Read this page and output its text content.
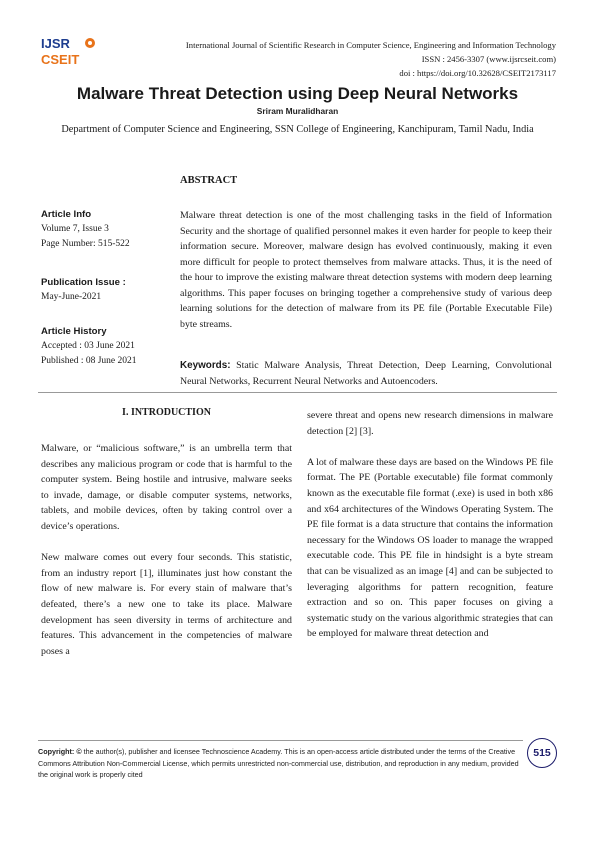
IJSR
CSEIT
International Journal of Scientific Research in Computer Science, Engineering and Information Technology
ISSN : 2456-3307 (www.ijsrcseit.com)
doi : https://doi.org/10.32628/CSEIT2173117
Malware Threat Detection using Deep Neural Networks
Sriram Muralidharan
Department of Computer Science and Engineering, SSN College of Engineering, Kanchipuram, Tamil Nadu, India
ABSTRACT
Article Info
Volume 7, Issue 3
Page Number: 515-522
Publication Issue :
May-June-2021
Article History
Accepted : 03 June 2021
Published : 08 June 2021

Malware threat detection is one of the most challenging tasks in the field of Information Security and the shortage of qualified personnel makes it even harder for people to keep their information secure. Moreover, malware design has evolved continuously, making it even more difficult for people to protect themselves from malware attacks. Thus, it is the need of the hour to improve the existing malware threat detection systems with modern deep learning algorithms. This paper focuses on bringing together a comprehensive study of various deep learning solutions for the detection of malware from its PE file (Portable Executable File) byte streams.

Keywords: Static Malware Analysis, Threat Detection, Deep Learning, Convolutional Neural Networks, Recurrent Neural Networks and Autoencoders.

I. INTRODUCTION

Malware, or “malicious software,” is an umbrella term that describes any malicious program or code that is harmful to the computer system. Being hostile and intrusive, malware seeks to invade, damage, or disable computer systems, networks, tablets, and mobile devices, often by taking control over a device’s operations.

New malware comes out every four seconds. This statistic, from an industry report [1], illuminates just how constant the flow of new malware is. For every stain of malware that’s defeated, there’s a new one to take its place. Malware development has seen diversity in terms of architecture and features. This advancement in the competencies of malware poses a

severe threat and opens new research dimensions in malware detection [2] [3].

A lot of malware these days are based on the Windows PE file format. The PE (Portable executable) file format commonly known as the executable file format (.exe) is used in both x86 and x64 architectures of the Windows Operating System. The PE file format is a data structure that contains the information necessary for the Windows OS loader to manage the wrapped executable code. This PE file in hindsight is a byte stream that can be visualized as an image [4] and can be subjected to leveraging algorithms for pattern recognition, feature extraction and so on. This paper focuses on giving a systematic study on the various algorithmic strategies that can be employed for malware threat detection and

Copyright: © the author(s), publisher and licensee Technoscience Academy. This is an open-access article distributed under the terms of the Creative Commons Attribution Non-Commercial License, which permits unrestricted non-commercial use, distribution, and reproduction in any medium, provided the original work is properly cited

515
